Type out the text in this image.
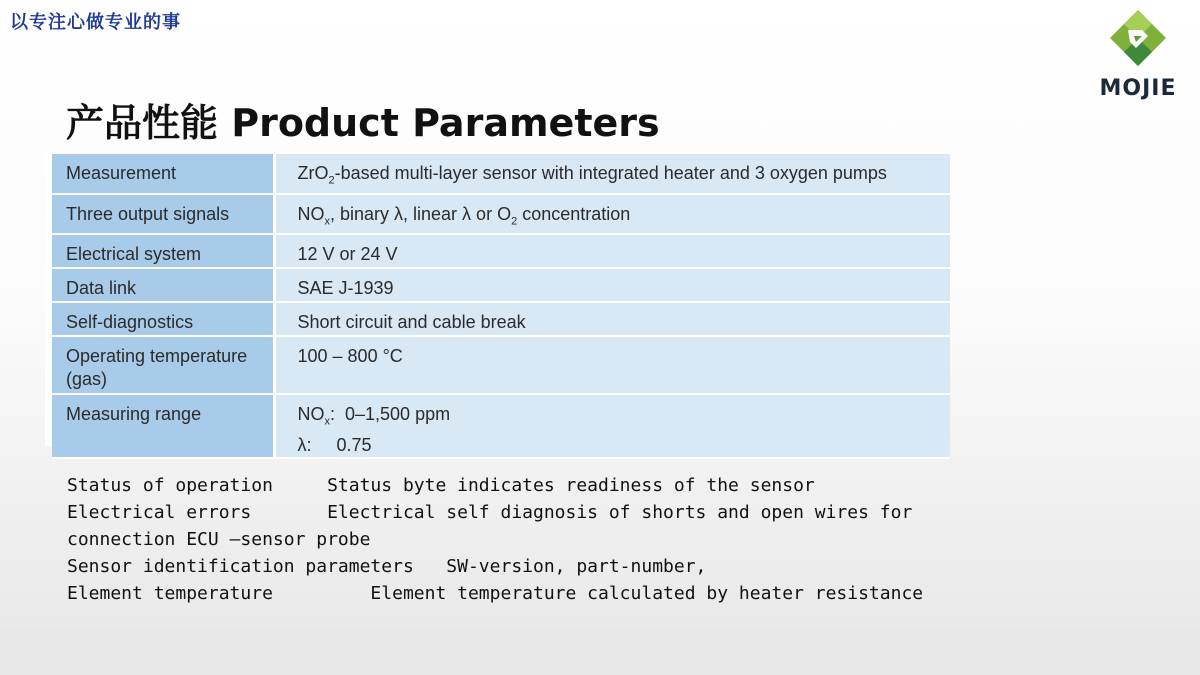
以专注心做专业的事
MOJIE
产品性能 Product Parameters
Measurement	ZrO$_2$-based multi-layer sensor with integrated heater and 3 oxygen pumps
Three output signals	$NO_x$, binary λ, linear λ or $O_2$ concentration
Electrical system	12 V or 24 V
Data link	SAE J-1939
Self-diagnostics	Short circuit and cable break
Operating temperature (gas)	100 – 800 °C
Measuring range	$NO_x$:  0–1,500 ppm
λ:     0.75
Status of operation     Status byte indicates readiness of the sensor
Electrical errors       Electrical self diagnosis of shorts and open wires for
connection ECU –sensor probe
Sensor identification parameters   SW-version, part-number,
Element temperature         Element temperature calculated by heater resistance
